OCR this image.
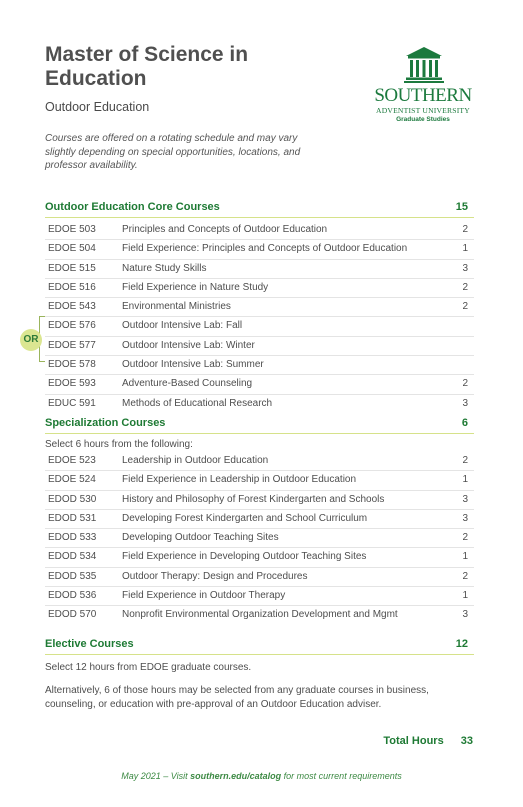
Master of Science in Education
Outdoor Education
Courses are offered on a rotating schedule and may vary slightly depending on special opportunities, locations, and professor availability.
SOUTHERN
ADVENTIST UNIVERSITY
Graduate Studies
Outdoor Education Core Courses	15
EDOE 503	Principles and Concepts of Outdoor Education	2
EDOE 504	Field Experience: Principles and Concepts of Outdoor Education	1
EDOE 515	Nature Study Skills	3
EDOE 516	Field Experience in Nature Study	2
EDOE 543	Environmental Ministries	2
EDOE 576	Outdoor Intensive Lab: Fall
EDOE 577	Outdoor Intensive Lab: Winter
EDOE 578	Outdoor Intensive Lab: Summer
EDOE 593	Adventure-Based Counseling	2
EDUC 591	Methods of Educational Research	3
OR
Specialization Courses	6
Select 6 hours from the following:
EDOE 523	Leadership in Outdoor Education	2
EDOE 524	Field Experience in Leadership in Outdoor Education	1
EDOD 530	History and Philosophy of Forest Kindergarten and Schools	3
EDOD 531	Developing Forest Kindergarten and School Curriculum	3
EDOD 533	Developing Outdoor Teaching Sites	2
EDOD 534	Field Experience in Developing Outdoor Teaching Sites	1
EDOD 535	Outdoor Therapy: Design and Procedures	2
EDOD 536	Field Experience in Outdoor Therapy	1
EDOD 570	Nonprofit Environmental Organization Development and Mgmt	3
Elective Courses	12
Select 12 hours from EDOE graduate courses.
Alternatively, 6 of those hours may be selected from any graduate courses in business, counseling, or education with pre-approval of an Outdoor Education adviser.
Total Hours 33
May 2021 – Visit southern.edu/catalog for most current requirements
